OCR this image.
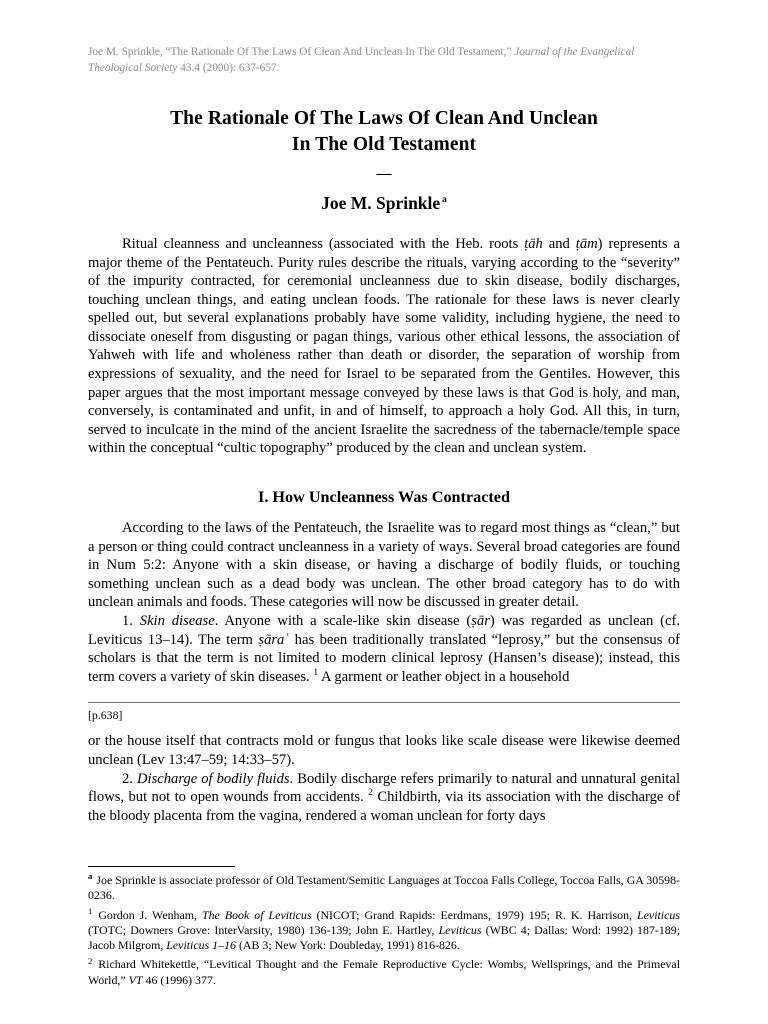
Joe M. Sprinkle, “The Rationale Of The Laws Of Clean And Unclean In The Old Testament,” Journal of the Evangelical Theological Society 43.4 (2000): 637-657.
The Rationale Of The Laws Of Clean And Unclean
In The Old Testament
—
Joe M. Sprinkle $^a$

Ritual cleanness and uncleanness (associated with the Heb. roots ṭāh and ṭām) represents a major theme of the Pentateuch. Purity rules describe the rituals, varying according to the “severity” of the impurity contracted, for ceremonial uncleanness due to skin disease, bodily discharges, touching unclean things, and eating unclean foods. The rationale for these laws is never clearly spelled out, but several explanations probably have some validity, including hygiene, the need to dissociate oneself from disgusting or pagan things, various other ethical lessons, the association of Yahweh with life and wholeness rather than death or disorder, the separation of worship from expressions of sexuality, and the need for Israel to be separated from the Gentiles. However, this paper argues that the most important message conveyed by these laws is that God is holy, and man, conversely, is contaminated and unfit, in and of himself, to approach a holy God. All this, in turn, served to inculcate in the mind of the ancient Israelite the sacredness of the tabernacle/temple space within the conceptual “cultic topography” produced by the clean and unclean system.

I. How Uncleanness Was Contracted

According to the laws of the Pentateuch, the Israelite was to regard most things as “clean,” but a person or thing could contract uncleanness in a variety of ways. Several broad categories are found in Num 5:2: Anyone with a skin disease, or having a discharge of bodily fluids, or touching something unclean such as a dead body was unclean. The other broad category has to do with unclean animals and foods. These categories will now be discussed in greater detail.

1. Skin disease. Anyone with a scale-like skin disease (ṣār) was regarded as unclean (cf. Leviticus 13–14). The term ṣāraʿ has been traditionally translated “leprosy,” but the consensus of scholars is that the term is not limited to modern clinical leprosy (Hansen’s disease); instead, this term covers a variety of skin diseases. $^1$ A garment or leather object in a household

[p.638]

or the house itself that contracts mold or fungus that looks like scale disease were likewise deemed unclean (Lev 13:47–59; 14:33–57).

2. Discharge of bodily fluids. Bodily discharge refers primarily to natural and unnatural genital flows, but not to open wounds from accidents. $^2$ Childbirth, via its association with the discharge of the bloody placenta from the vagina, rendered a woman unclean for forty days

$^a$ Joe Sprinkle is associate professor of Old Testament/Semitic Languages at Toccoa Falls College, Toccoa Falls, GA 30598-0236.

$^1$ Gordon J. Wenham, The Book of Leviticus (NICOT; Grand Rapids: Eerdmans, 1979) 195; R. K. Harrison, Leviticus (TOTC; Downers Grove: InterVarsity, 1980) 136-139; John E. Hartley, Leviticus (WBC 4; Dallas: Word: 1992) 187-189; Jacob Milgrom, Leviticus 1–16 (AB 3; New York: Doubleday, 1991) 816-826.

$^2$ Richard Whitekettle, “Levitical Thought and the Female Reproductive Cycle: Wombs, Wellsprings, and the Primeval World,” VT 46 (1996) 377.
